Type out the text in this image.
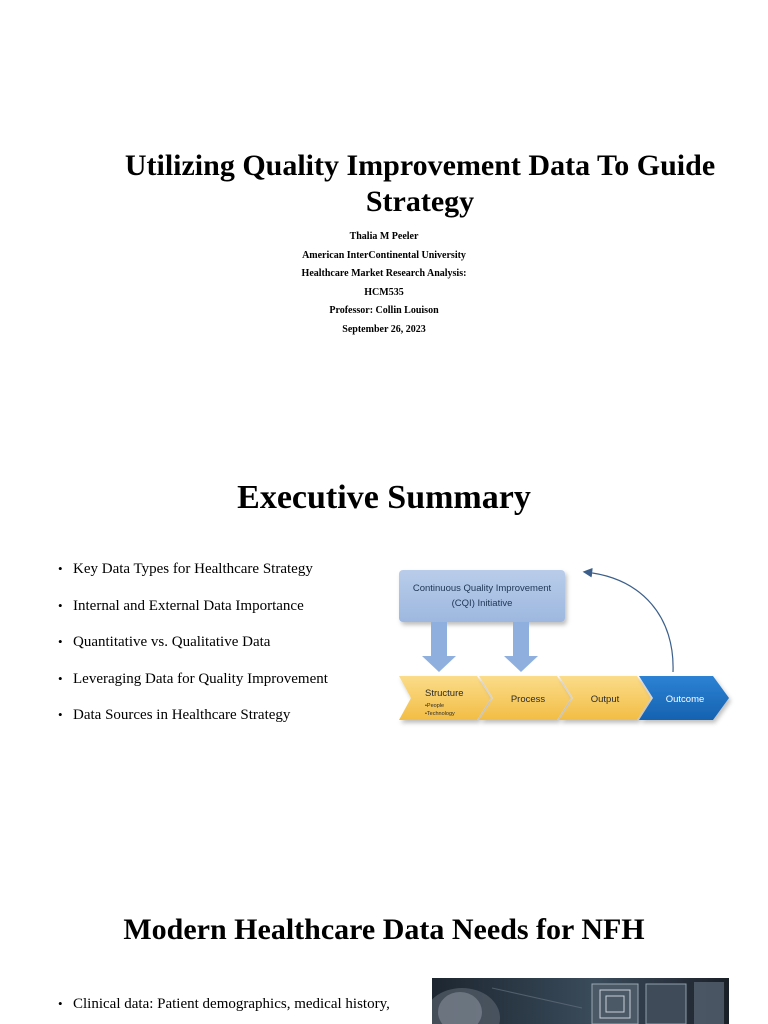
Utilizing Quality Improvement Data To Guide Strategy
Thalia M Peeler
American InterContinental University
Healthcare Market Research Analysis:
HCM535
Professor: Collin Louison
September 26, 2023
Executive Summary
• Key Data Types for Healthcare Strategy
• Internal and External Data Importance
• Quantitative vs. Qualitative Data
• Leveraging Data for Quality Improvement
• Data Sources in Healthcare Strategy
Continuous Quality Improvement
(CQI) Initiative
Structure
•People
•Technology
Process	Output	Outcome
Modern Healthcare Data Needs for NFH
• Clinical data: Patient demographics, medical history,
